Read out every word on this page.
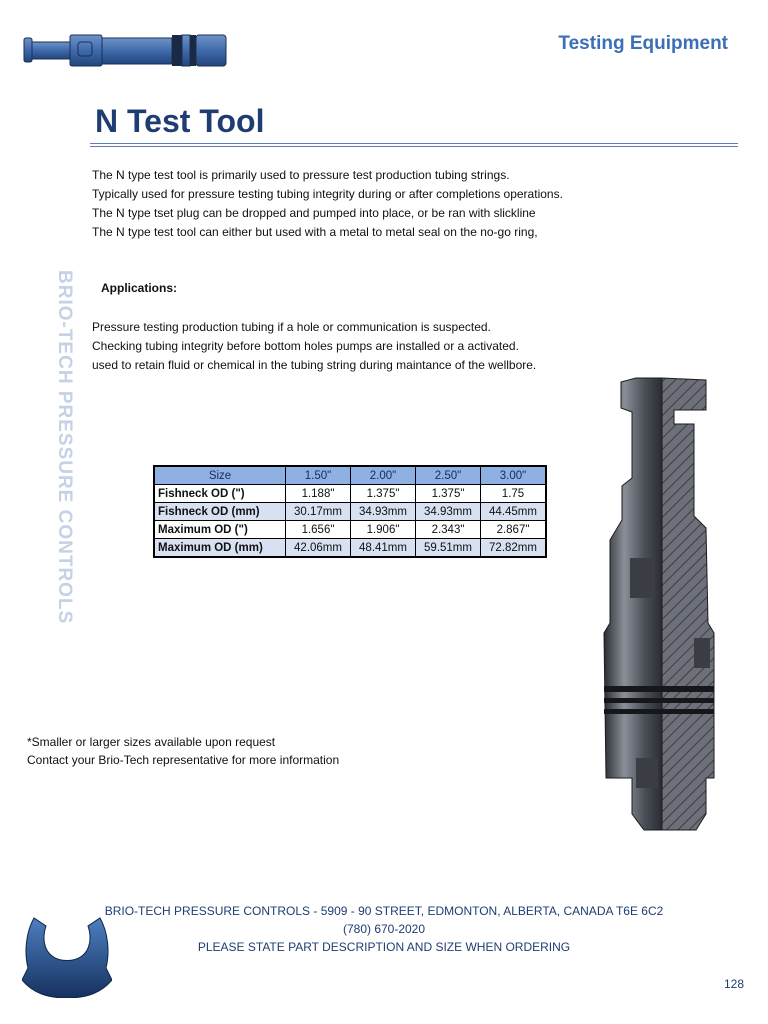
Testing Equipment
N Test Tool
The N type test tool is primarily used to pressure test production tubing strings.
Typically used for pressure testing tubing integrity during or after completions operations.
The N type tset plug can be dropped and pumped into place, or be ran with slickline
The N type test tool can either but used with a metal to metal seal on the no-go ring,
BRIO-TECH PRESSURE CONTROLS Applications:
Pressure testing production tubing if a hole or communication is suspected.
Checking tubing integrity before bottom holes pumps are installed or a activated.
used to retain fluid or chemical in the tubing string during maintance of the wellbore.
Size	1.50"	2.00"	2.50"	3.00"
Fishneck OD (")	1.188"	1.375"	1.375"	1.75
Fishneck OD (mm)	30.17mm	34.93mm	34.93mm	44.45mm
Maximum OD (")	1.656"	1.906"	2.343"	2.867"
Maximum OD (mm)	42.06mm	48.41mm	59.51mm	72.82mm
*Smaller or larger sizes available upon request
Contact your Brio-Tech representative for more information
BRIO-TECH PRESSURE CONTROLS - 5909 - 90 STREET, EDMONTON, ALBERTA, CANADA T6E 6C2
(780) 670-2020
PLEASE STATE PART DESCRIPTION AND SIZE WHEN ORDERING
128
